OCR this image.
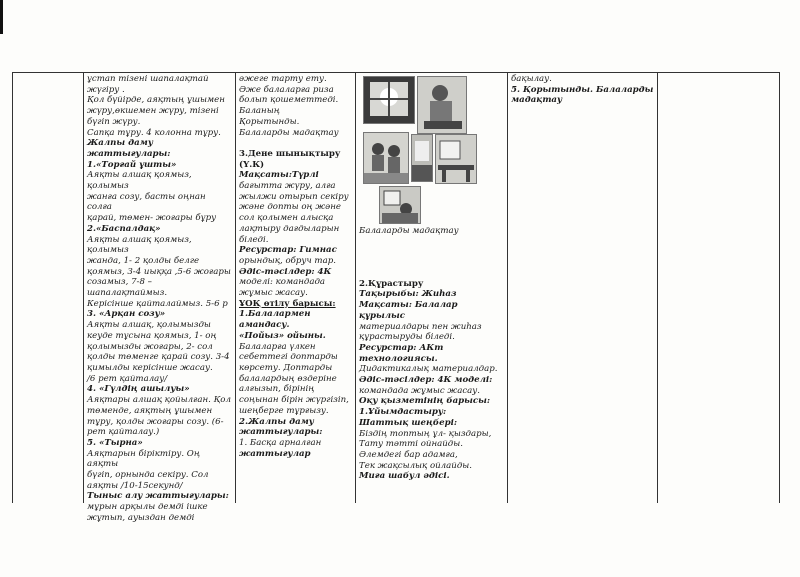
ұстап тізені шапалақтай

жүгіру .

Қол бүйірде, аяқтың ұшымен

жүру,өкшемен жүру, тізені

бүгіп жүру.

Сапқа тұру. 4 колонна тұру.

Жалпы даму жаттығулары:

1.«Торғай ұшты»

Аяқты алшақ қоямыз, қолымыз

жанға созу, басты оңнан солға

қарай, төмен- жоғары бұру

2.«Баспалдақ»

Аяқты алшақ қоямыз, қолымыз

жанда, 1- 2 қолды белге

қоямыз, 3-4 иыққа ,5-6 жоғары

созамыз, 7-8 – шапалақтаймыз.

Керісінше қайталаймыз. 5-6 р

3. «Арқан созу»

Аяқты алшақ, қолымызды

кеуде тұсына қоямыз, 1- оң

қолымызды жоғары, 2- сол

қолды төменге қарай созу. 3-4

қимылды керісінше жасау.

/6 рет қайталау/

4. «Гүлдің ашылуы»

Аяқтары алшақ қойылған. Қол

төменде, аяқтың ұшымен

тұру, қолды жоғары созу. (6-

рет қайталау.)

5. «Тырна»

Аяқтарын біріктіру. Оң аяқты

бүгіп, орнында секіру. Сол

аяқты /10-15секунд/

Тыныс алу жаттығулары:

мұрын арқылы демді ішке

жұтып, ауыздан демді

әжеге тарту ету.

Әже балаларға риза

болып қошеметтеді.

Баланың

Қорытынды.

Балаларды мадақтау

3.Дене шынықтыру

(Ү.К)

Мақсаты:Түрлі

бағытта жүру, алға

жылжи отырып секіру

және допты оң және

сол қолымен алысқа

лақтыру дағдыларын

біледі.

Ресурстар: Гимнас

орындық, обруч тар.

Әдіс-тәсілдер: 4К

моделі: командада

жұмыс жасау.

ҰОҚ өтілу барысы:

1.Балалармен

амандасу.

«Пойыз» ойыны.

Балаларға үлкен

себеттегі доптарды

көрсету. Доптарды

балалардың өздеріне

алғызып, бірінің

соңынан бірін жүргізіп,

шеңберге тұрғызу.

2.Жалпы даму

жаттығулары:

1. Басқа арналған

жаттығулар

Балаларды мадақтау

2.Құрастыру

Тақырыбы: Жиһаз

Мақсаты: Балалар құрылыс

материалдары пен жиһаз

құрастыруды біледі.

Ресурстар: АКт

технологиясы.

Дидактикалық материалдар.

Әдіс-тәсілдер: 4К моделі:

командада жұмыс жасау.

Оқу қызметінің барысы:

1.Ұйымдастыру:

Шаттық шеңбері:

Біздің топтың ұл- қыздары,

Тату тәтті ойнайды.

Әлемдегі бар адамға,

Тек жақсылық ойлайды.

Миға шабул әдісі.

бақылау.

5. Қорытынды. Балаларды

мадақтау
